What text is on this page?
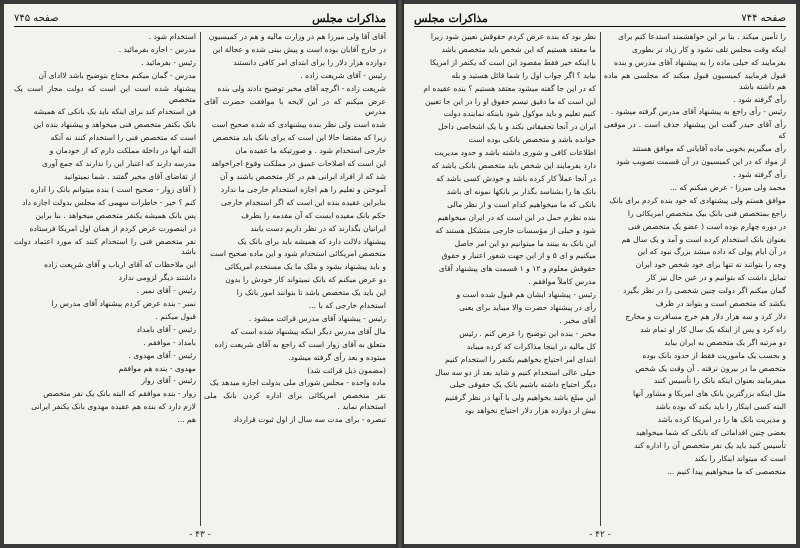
مذاکرات مجلس
صفحه ۷۴۵

آقای آقا ولی میرزا هم در وزارت مالیه و هم در کمیسیون

در خارج آقایان بوده است و پیش بینی شده و عجالة این

دوازده هزار دلار را برای ابتدای امر کافی دانستند

رئیس - آقای شریعت زاده .

شریعت زاده - اگرچه آقای مخبر توضیح دادند ولی بنده

عرض میکنم که در این لایحه با موافقت حضرت آقای مدرس

شده است ولی نظر بنده پیشنهادی که شده صحیح است

زیرا که مقتضا حالا این است که برای بانک باید متخصص

خارجی استخدام شود . و صورتیکه ما عقیده مان

این است که اصلاحات عمیق در مملکت وقوع اجراخواهد

شد که از افراد ایرانی هم در کار متخصص باشند و آن

آموختن و تعلیم را هم اجازه استخدام خارجی ما ندارد

بنابراین عقیده بنده این است که اگر استخدام خارجی

حکم بانک مفیده ایست که آن مقدمه را بطرف

ایرانیان بگذارند که در نظر داریم دست یابند

پیشنهاد دلالت دارد که همیشه باید برای بانک یک

متخصص امریکائی استخدام شود و این ماده صحیح است

و باید پیشنهاد بشود و ملک ما یک مستخدم امریکائی

دو عرض میکنم که بانک نمیتواند کار خودش را بدون

این باید یک متخصص باشد تا بتوانند امور بانک را

استخدام خارجی که با ...

رئیس - پیشنهاد آقای مدرس قرائت میشود .

مال آقای مدرس دیگر اینکه پیشنهاد شده است که

متعلق به آقای زوار است که راجع به آقای شریعت زاده

مبتوده و بعد رأی گرفته میشود.

(مضمون ذیل قرائت شد)

ماده واحده - مجلس شورای ملی بدولت اجازه میدهد یک

نفر متخصص امریکائی برای اداره کردن بانک ملی استخدام نماید .

تبصره - برای مدت سه سال از اول ثبوت قرارداد

استخدام شود .

مدرس - اجازه بفرمائید .

رئیس - بفرمائید .

مدرس - گمان میکنم محتاج بتوضیح باشد لاادای آن

پیشنهاد شده است این است که دولت مجاز است یک متخصص

فن استخدام کند برای اینکه باید یک بانکی که همیشه

بانک بکنفر متخصص فنی میخواهد و پیشنهاد بنده این

است که متخصص فنی را استخدام کنند نه آنکه

البته آنها در داخلة مملکت دارم که از خودمان و

مدرسه دارند که اعتبار این را ندارند که جمع آوری

از تقاضای آقای مخبر گفتند . شما نمیتوانید

( آقای زوار - صحیح است ) بنده میتوانم بانک را اداره

کنم ؟ خیر - خاطرات سهمی که مجلس بدولت اجازه داد

پس بانک همیشه یکنفر متخصص میخواهد . بنا براین

در اینصورت عرض کردم از همان اول امریکا فرستاده

نفر متخصص فنی را استخدام کنند که مورد اعتماد دولت باشد

این ملاحظات که آقای ارباب و آقای شریعت زاده

داشتند دیگر لزومی ندارد

رئیس - آقای نمبر .

نمبر - بنده عرض کردم پیشنهاد آقای مدرس را

قبول میکنم .

رئیس - آقای بامداد

بامداد - موافقم .

رئیس - آقای مهدوی .

مهدوی - بنده هم موافقم

رئیس - آقای زوار

زوار - بنده موافقم که البته بانک یک نفر متخصص

لازم دارد که بنده هم عقیده مهدوی بانک یکنفر ایرانی

هم ...

- ۴۳ -
صفحه ۷۴۴
مذاکرات مجلس

را تأمین میکند . بنا بر این خواهشمند استدعا کنم برای

اینکه وقت مجلس تلف نشود و کار زیاد تر بطوری

بفرمایند که خیلی ماده را به پیشنهاد آقای مدرس و بنده

قبول فرمایید کمیسیون قبول میکند که مجلسی هم ماده هم داشته باشد

رأی گرفته شود .

رئیس - رأی راجع به پیشنهاد آقای مدرس گرفته میشود .

رأی آقای حیدر گفت این پیشنهاد حذف است . در موقعی که

رأی میگیریم بخوبی ماده آقایانی که موافق هستند

از مواد که در این کمیسیون در آن قسمت تصویب شود

رأی گرفته شود .

محمد ولی میرزا - عرض میکنم که ...

موافق هستم ولی پیشنهادی که خود بنده کردم برای بانک

راجع بمتخصص فنی بانک بیک متخصص امریکائی را

در دوره چهارم بوده است ( عضو یک متخصص فنی

بعنوان بانک استخدام کرده است و آمد و یک سال هم

در آن ایام پولی که داده میشد بزرگ نبود که این

وجه را بتوانند نه تنها برای خود شخص خود ایران

تمایل داشت که بتوانیم و در عین حال نیز کار

گمان میکنم اگر دولت چنین شخصی را در نظر بگیرد

بکشد که متخصص است و بتواند در ظرف

دلار کرد و سه هزار دلار هم خرج مسافرت و مخارج

راه کرد و پس از اینکه یک سال کار او تمام شد

دو مرتبه اگر یک متخصص به ایران بیاید

و بحسب یک ماموریت فقط از حدود بانک بوده

متخصص ما در بیرون نرفته . آن وقت یک شخص

میفرمایند بعنوان اینکه بانک را تأسیس کنند

مثل اینکه بزرگترین بانک های امریکا و مشاور آنها

البته کسی اینکار را باید بکند که بوده باشد

و مدیریت بانک ها را در امریکا کرده باشد

بعضی چنین اقداماتی که بانکی که شما میخواهید

تأسیس کنید باید یک نفر متخصص آن را اداره کند

است که میتواند اینکار را بکند

متخصصی که ما میخواهیم پیدا کنیم ...

نظر بود که بنده عرض کردم حقوقش تعیین شود زیرا

ما معتقد هستیم که این شخص باید متخصص باشد

با اینکه خیر فقط مقصود این است که یکنفر از امریکا

بیاید ؟ اگر جواب اول را شما قائل هستید و بله

که در این جا گفته میشود معتقد هستیم ؟ بنده عقیده ام

این است که ما دقیق تیسم حقوق او را در این جا تعیین

کنیم تعلیم و باید موکول شود باینکه نماینده دولت

ایران در آنجا تحقیقاتی بکند و یا یک اشخاصی داخل

خوانده باشد و متخصص بانکی بوده است

اطلاعات کافی و شوری داشته باشد و حدود مدیریت

دارد بفرمایند این شخص باید متخصص بانکی باشد که

در آنجا عملاً کار کرده باشد و خودش کسی باشد که

بانک ها را بشناسد بگذار بر بانکها نمونه ای باشد

بانکی که ما میخواهیم کدام است و از نظر مالی

بنده نظرم حمل در این است که در ایران میخواهیم

شود و خیلی از مؤسسات خارجی متشکل هستند که

این بانک به بینند ما میتوانیم دو این امر حاصل

میکنیم و ای ۵ و از این جهت شعور اعتبار و حقوق

حقوقش معلوم و ۱۲ و ۱ قسمت های پیشنهاد آقای

مدرس کاملاً موافقم .

رئیس - پیشنهاد ایشان هم قبول شده است و

رأی در پیشنهاد حضرت والا میباید برای یعنی

آقای مخبر .

مخبر - بنده این توضیح را عرض کنم . رئیس

کل مالیه در اینجا مذاکرات که کرده میباید

ابتدای امر احتیاج بخواهیم یکنفر را استخدام کنیم

خیلی عالی استخدام کنیم و شاید بعد از دو سه سال

دیگر احتیاج داشته باشیم بانک یک حقوقی خیلی

این مبلغ باشد بخواهیم ولی با آنها در نظر گرفتیم

بیش از دوازده هزار دلار احتیاج نخواهد بود

- ۴۲ -
